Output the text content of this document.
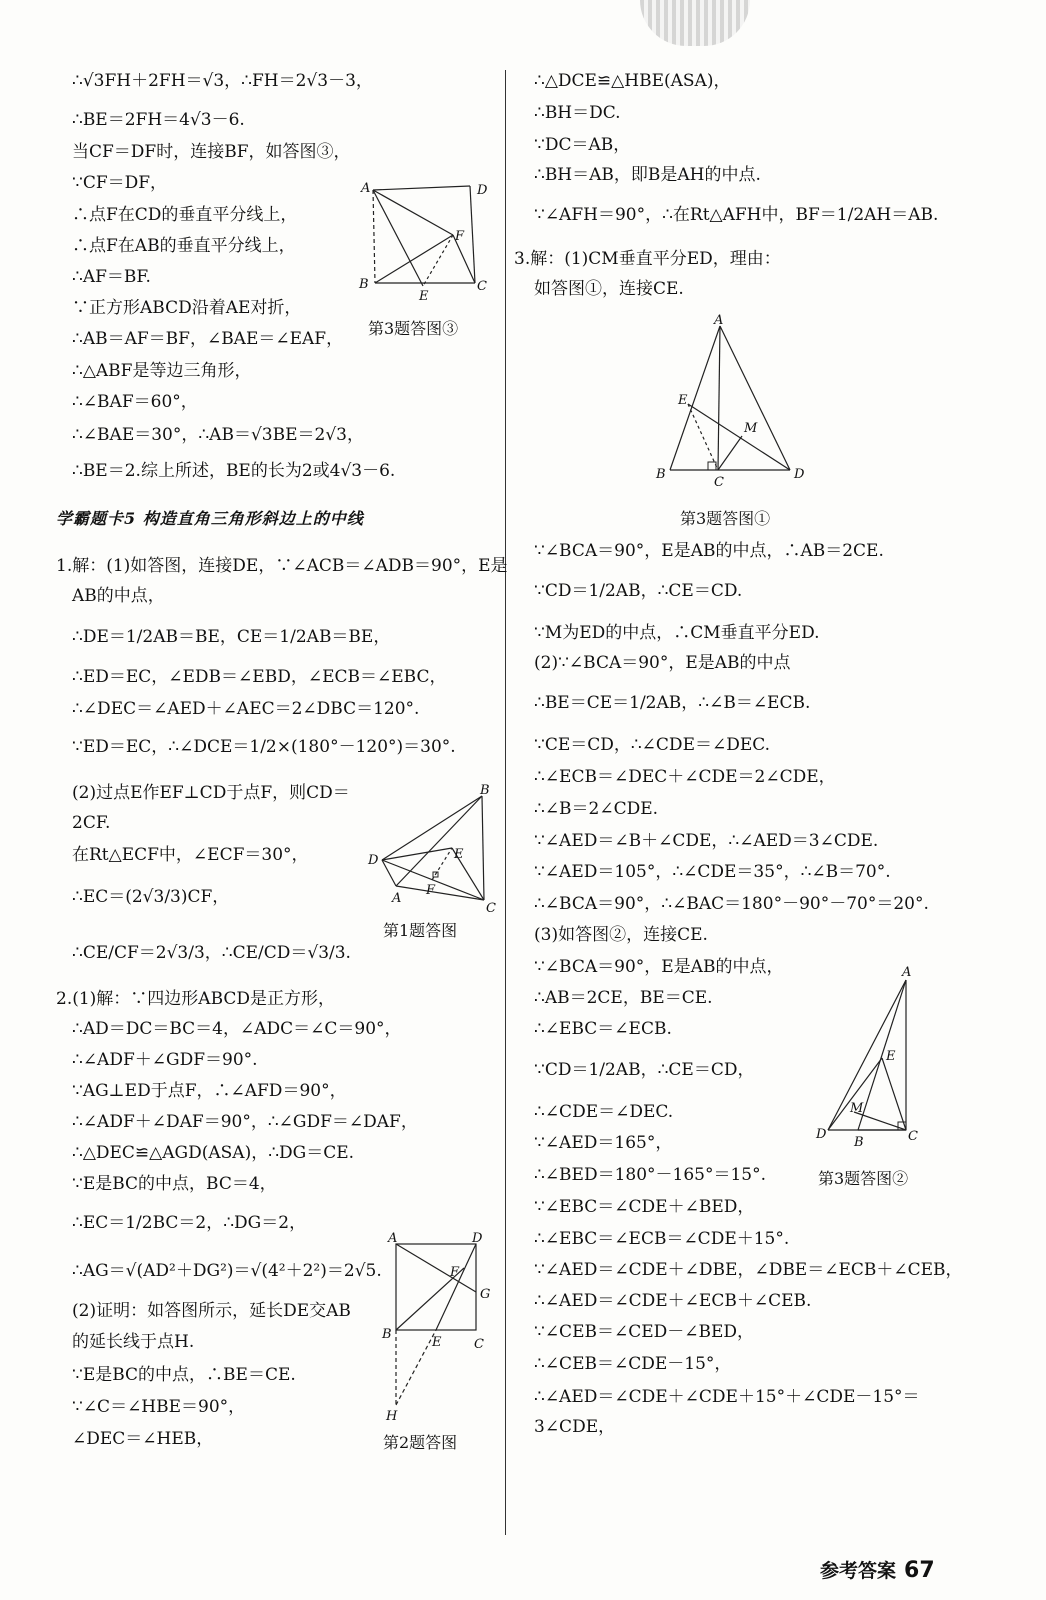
∴√3FH＋2FH＝√3，∴FH＝2√3－3，
∴BE＝2FH＝4√3－6.
当CF＝DF时，连接BF，如答图③，
∵CF＝DF，
∴点F在CD的垂直平分线上，
∴点F在AB的垂直平分线上，
∴AF＝BF.
∵正方形ABCD沿着AE对折，
∴AB＝AF＝BF，∠BAE＝∠EAF，
∴△ABF是等边三角形，
∴∠BAF＝60°，
∴∠BAE＝30°，∴AB＝√3BE＝2√3，
∴BE＝2.综上所述，BE的长为2或4√3－6.
学霸题卡5 构造直角三角形斜边上的中线
1.解：(1)如答图，连接DE，∵∠ACB＝∠ADB＝90°，E是
AB的中点，
∴DE＝1/2AB＝BE，CE＝1/2AB＝BE，
∴ED＝EC，∠EDB＝∠EBD，∠ECB＝∠EBC，
∴∠DEC＝∠AED＋∠AEC＝2∠DBC＝120°.
∵ED＝EC，∴∠DCE＝1/2×(180°－120°)＝30°.
(2)过点E作EF⊥CD于点F，则CD＝
2CF.
在Rt△ECF中，∠ECF＝30°，
∴EC＝(2√3/3)CF，
∴CE/CF＝2√3/3，∴CE/CD＝√3/3.
2.(1)解：∵四边形ABCD是正方形，
∴AD＝DC＝BC＝4，∠ADC＝∠C＝90°，
∴∠ADF＋∠GDF＝90°.
∵AG⊥ED于点F，∴∠AFD＝90°，
∴∠ADF＋∠DAF＝90°，∴∠GDF＝∠DAF，
∴△DEC≌△AGD(ASA)，∴DG＝CE.
∵E是BC的中点，BC＝4，
∴EC＝1/2BC＝2，∴DG＝2，
∴AG＝√(AD²＋DG²)＝√(4²＋2²)＝2√5.
(2)证明：如答图所示，延长DE交AB
的延长线于点H.
∵E是BC的中点，∴BE＝CE.
∵∠C＝∠HBE＝90°，
∠DEC＝∠HEB，
∴△DCE≌△HBE(ASA)，
∴BH＝DC.
∵DC＝AB，
∴BH＝AB，即B是AH的中点.
∵∠AFH＝90°，∴在Rt△AFH中，BF＝1/2AH＝AB.
3.解：(1)CM垂直平分ED，理由：
如答图①，连接CE.
∵∠BCA＝90°，E是AB的中点，∴AB＝2CE.
∵CD＝1/2AB，∴CE＝CD.
∵M为ED的中点，∴CM垂直平分ED.
(2)∵∠BCA＝90°，E是AB的中点
∴BE＝CE＝1/2AB，∴∠B＝∠ECB.
∵CE＝CD，∴∠CDE＝∠DEC.
∴∠ECB＝∠DEC＋∠CDE＝2∠CDE，
∴∠B＝2∠CDE.
∵∠AED＝∠B＋∠CDE，∴∠AED＝3∠CDE.
∵∠AED＝105°，∴∠CDE＝35°，∴∠B＝70°.
∴∠BCA＝90°，∴∠BAC＝180°－90°－70°＝20°.
(3)如答图②，连接CE.
∵∠BCA＝90°，E是AB的中点，
∴AB＝2CE，BE＝CE.
∴∠EBC＝∠ECB.
∵CD＝1/2AB，∴CE＝CD，
∴∠CDE＝∠DEC.
∵∠AED＝165°，
∴∠BED＝180°－165°＝15°.
∵∠EBC＝∠CDE＋∠BED，
∴∠EBC＝∠ECB＝∠CDE＋15°.
∵∠AED＝∠CDE＋∠DBE，∠DBE＝∠ECB＋∠CEB，
∴∠AED＝∠CDE＋∠ECB＋∠CEB.
∵∠CEB＝∠CED－∠BED，
∴∠CEB＝∠CDE－15°，
∴∠AED＝∠CDE＋∠CDE＋15°＋∠CDE－15°＝
3∠CDE，
A	D
F
B
E
C
第3题答图③
B
D	E
F
A
C
第1题答图
A	D
F
G
B
E	C
H
第2题答图
A
E
M
B
C
D
第3题答图①
A
E
M
D
B	C
第3题答图②
参考答案 67
